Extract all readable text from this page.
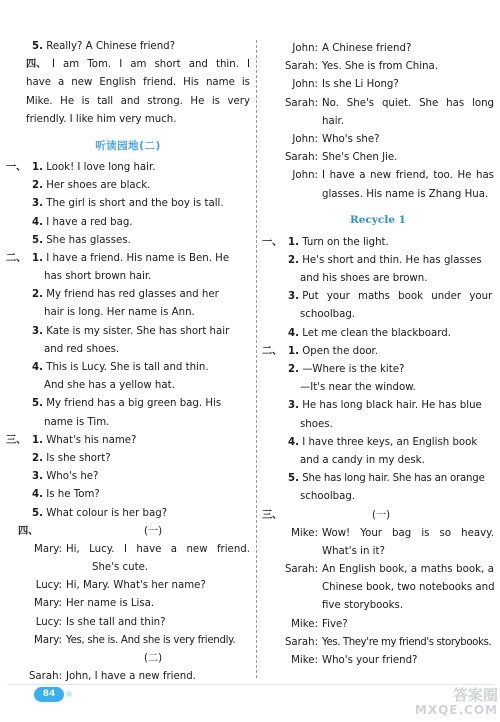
5. Really? A Chinese friend?
四、 I am Tom. I am short and thin. I
have a new English friend. His name is
Mike. He is tall and strong. He is very
friendly. I like him very much.
听读园地(二)
一、 1. Look! I love long hair.
2. Her shoes are black.
3. The girl is short and the boy is tall.
4. I have a red bag.
5. She has glasses.
二、 1. I have a friend. His name is Ben. He
has short brown hair.
2. My friend has red glasses and her
hair is long. Her name is Ann.
3. Kate is my sister. She has short hair
and red shoes.
4. This is Lucy. She is tall and thin.
And she has a yellow hat.
5. My friend has a big green bag. His
name is Tim.
三、 1. What's his name?
2. Is she short?
3. Who's he?
4. Is he Tom?
5. What colour is her bag?
四、	(一)
Mary: Hi, Lucy. I have a new friend.
She's cute.
Lucy: Hi, Mary. What's her name?
Mary: Her name is Lisa.
Lucy: Is she tall and thin?
Mary: Yes, she is. And she is very friendly.
(二)
Sarah: John, I have a new friend.
John: A Chinese friend?
Sarah: Yes. She is from China.
John: Is she Li Hong?
Sarah: No. She's quiet. She has long
hair.
John: Who's she?
Sarah: She's Chen Jie.
John: I have a new friend, too. He has
glasses. His name is Zhang Hua.
Recycle 1
一、 1. Turn on the light.
2. He's short and thin. He has glasses
and his shoes are brown.
3. Put your maths book under your
schoolbag.
4. Let me clean the blackboard.
二、 1. Open the door.
2. —Where is the kite?
—It's near the window.
3. He has long black hair. He has blue
shoes.
4. I have three keys, an English book
and a candy in my desk.
5. She has long hair. She has an orange
schoolbag.
三、	(一)
Mike: Wow! Your bag is so heavy.
What's in it?
Sarah: An English book, a maths book, a
Chinese book, two notebooks and
five storybooks.
Mike: Five?
Sarah: Yes. They're my friend's storybooks.
Mike: Who's your friend?
84	答案圈
MXQE.COM
